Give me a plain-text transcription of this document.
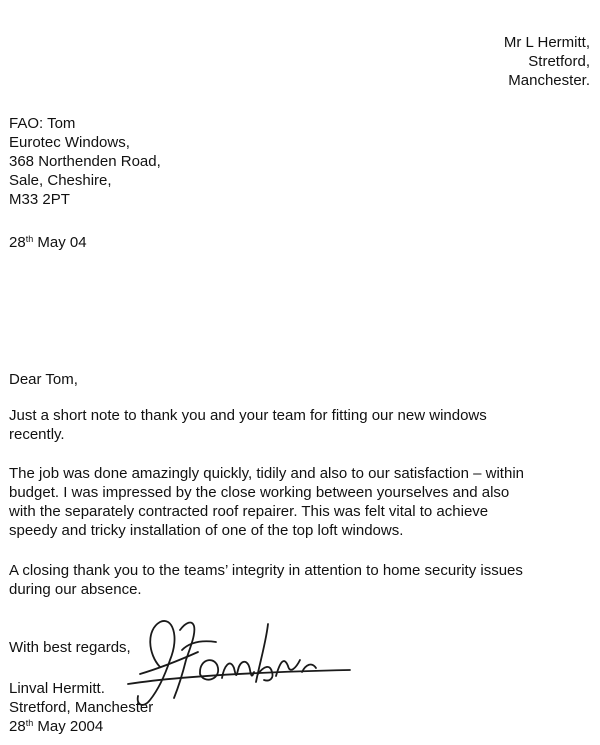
Mr L Hermitt,
Stretford,
Manchester.
FAO: Tom
Eurotec Windows,
368 Northenden Road,
Sale, Cheshire,
M33 2PT
28th May 04
Dear Tom,
Just a short note to thank you and your team for fitting our new windows
recently.
The job was done amazingly quickly, tidily and also to our satisfaction – within
budget. I was impressed by the close working between yourselves and also
with the separately contracted roof repairer. This was felt vital to achieve
speedy and tricky installation of one of the top loft windows.
A closing thank you to the teams’ integrity in attention to home security issues
during our absence.
With best regards,
Linval Hermitt.
Stretford, Manchester
28th May 2004
